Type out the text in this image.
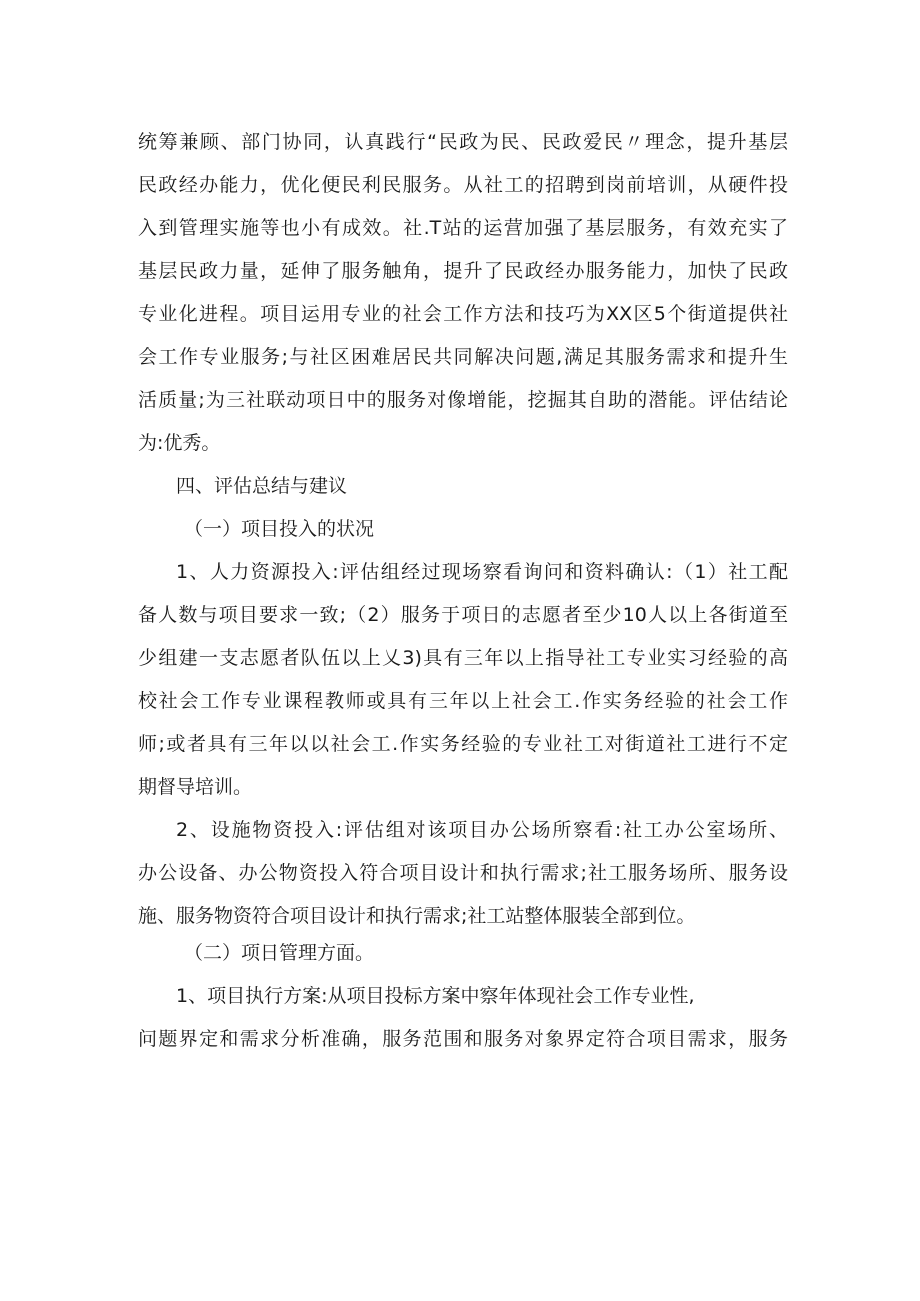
统筹兼顾、部门协同，认真践行“民政为民、民政爱民〃理念，提升基层
民政经办能力，优化便民利民服务。从社工的招聘到岗前培训，从硬件投
入到管理实施等也小有成效。社.T站的运营加强了基层服务，有效充实了
基层民政力量，延伸了服务触角，提升了民政经办服务能力，加快了民政
专业化进程。项目运用专业的社会工作方法和技巧为XX区5个街道提供社
会工作专业服务;与社区困难居民共同解决问题,满足其服务需求和提升生
活质量;为三社联动项日中的服务对像增能，挖掘其自助的潜能。评估结论
为:优秀。
四、评估总结与建议
（一）项目投入的状况
1、人力资源投入:评估组经过现场察看询问和资料确认:（1）社工配
备人数与项目要求一致;（2）服务于项日的志愿者至少10人以上各街道至
少组建一支志愿者队伍以上乂3)具有三年以上指导社工专业实习经验的高
校社会工作专业课程教师或具有三年以上社会工.作实务经验的社会工作
师;或者具有三年以以社会工.作实务经验的专业社工对街道社工进行不定
期督导培训。
2、设施物资投入:评估组对该项目办公场所察看:社工办公室场所、
办公设备、办公物资投入符合项目设计和执行需求;社工服务场所、服务设
施、服务物资符合项目设计和执行需求;社工站整体服装全部到位。
（二）项日管理方面。
1、项目执行方案:从项目投标方案中察年体现社会工作专业性,
问题界定和需求分析准确，服务范围和服务对象界定符合项目需求，服务
